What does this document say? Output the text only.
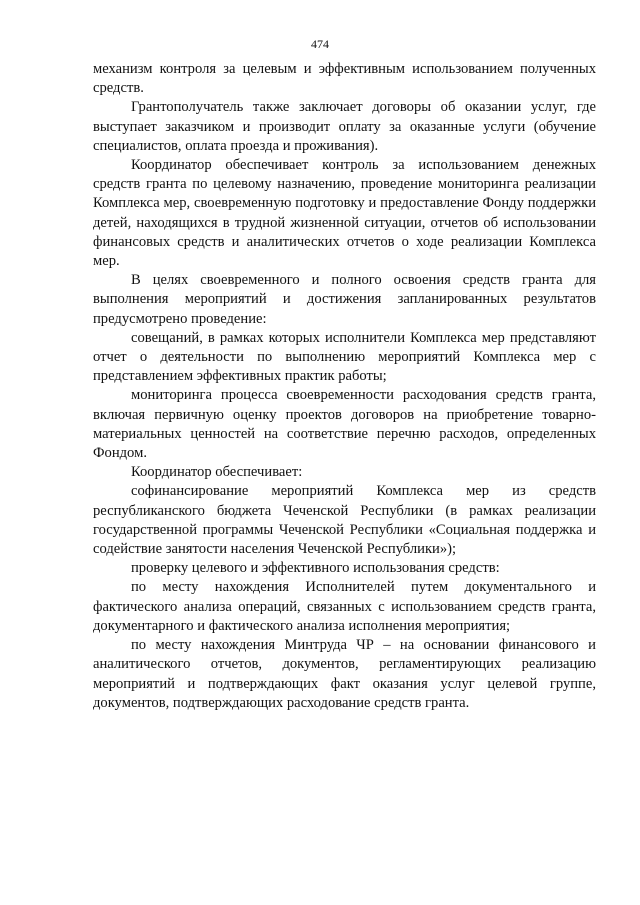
474

механизм контроля за целевым и эффективным использованием полученных средств.

Грантополучатель также заключает договоры об оказании услуг, где выступает заказчиком и производит оплату за оказанные услуги (обучение специалистов, оплата проезда и проживания).

Координатор обеспечивает контроль за использованием денежных средств гранта по целевому назначению, проведение мониторинга реализации Комплекса мер, своевременную подготовку и предоставление Фонду поддержки детей, находящихся в трудной жизненной ситуации, отчетов об использовании финансовых средств и аналитических отчетов о ходе реализации Комплекса мер.

В целях своевременного и полного освоения средств гранта для выполнения мероприятий и достижения запланированных результатов предусмотрено проведение:

совещаний, в рамках которых исполнители Комплекса мер представляют отчет о деятельности по выполнению мероприятий Комплекса мер с представлением эффективных практик работы;

мониторинга процесса своевременности расходования средств гранта, включая первичную оценку проектов договоров на приобретение товарно-материальных ценностей на соответствие перечню расходов, определенных Фондом.

Координатор обеспечивает:

софинансирование мероприятий Комплекса мер из средств республиканского бюджета Чеченской Республики (в рамках реализации государственной программы Чеченской Республики «Социальная поддержка и содействие занятости населения Чеченской Республики»);

проверку целевого и эффективного использования средств:

по месту нахождения Исполнителей путем документального и фактического анализа операций, связанных с использованием средств гранта, документарного и фактического анализа исполнения мероприятия;

по месту нахождения Минтруда ЧР – на основании финансового и аналитического отчетов, документов, регламентирующих реализацию мероприятий и подтверждающих факт оказания услуг целевой группе, документов, подтверждающих расходование средств гранта.
